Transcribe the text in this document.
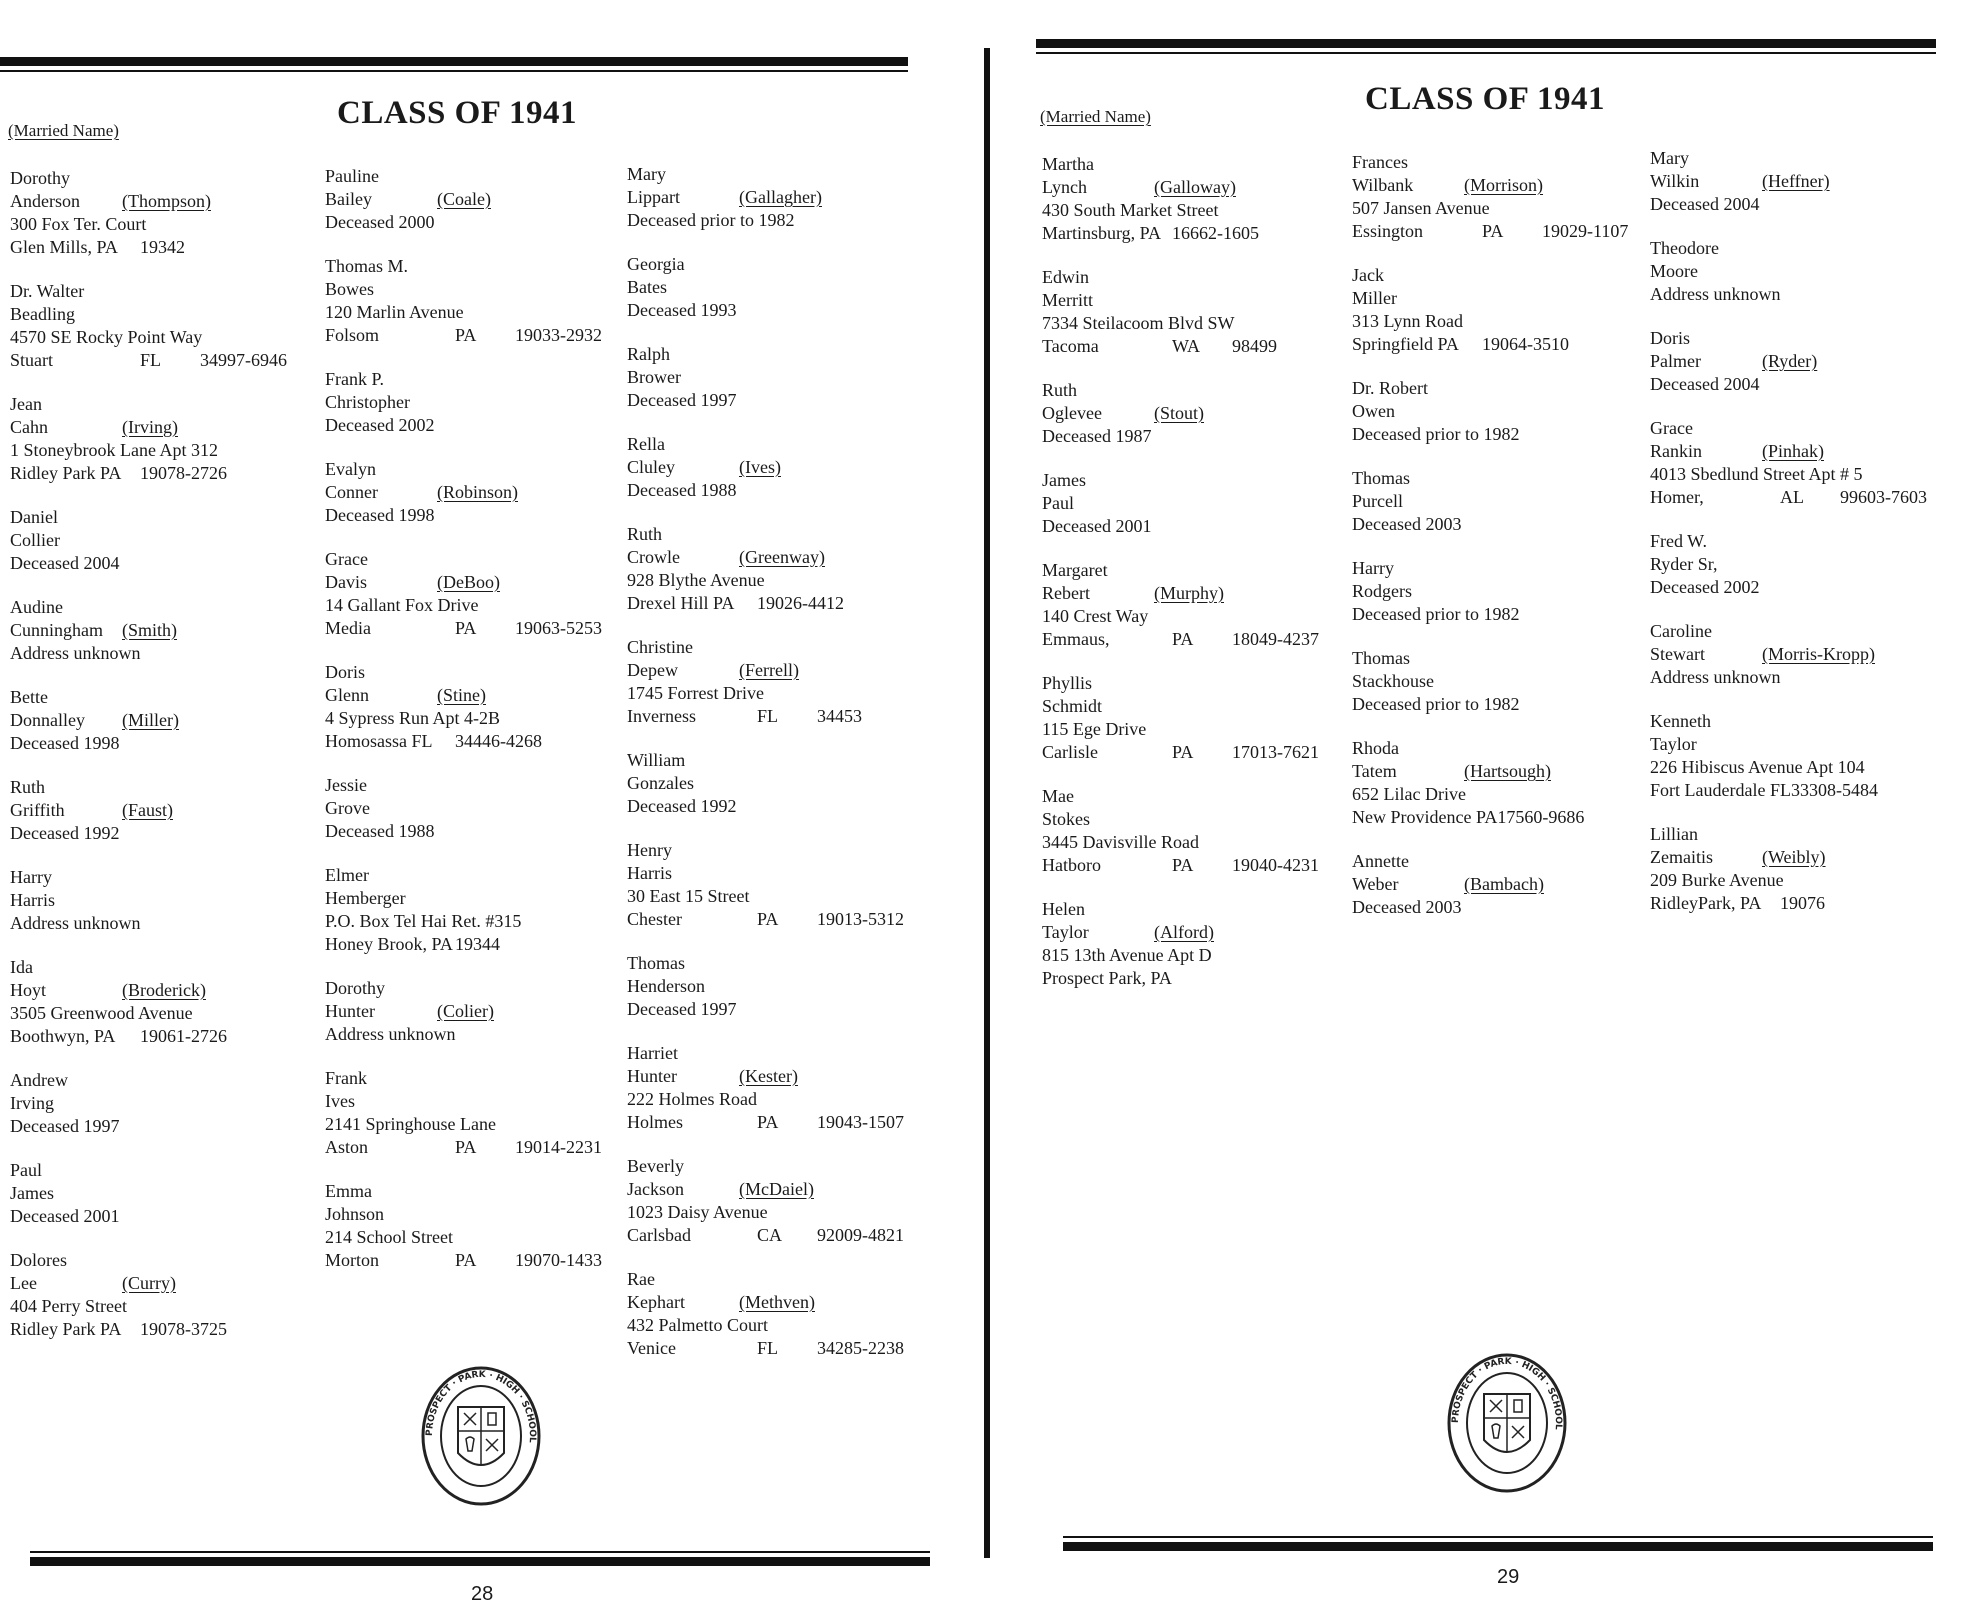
CLASS OF 1941
(Married Name)
Dorothy
Anderson (Thompson)
300 Fox Ter. Court
Glen Mills, PA 19342
Dr. Walter
Beadling
4570 SE Rocky Point Way
Stuart	FL 34997-6946
Jean
Cahn	(Irving)
1 Stoneybrook Lane Apt 312
Ridley Park PA 19078-2726
Daniel
Collier
Deceased 2004
Audine
Cunningham (Smith)
Address unknown
Bette
Donnalley (Miller)
Deceased 1998
Ruth
Griffith	(Faust)
Deceased 1992
Harry
Harris
Address unknown
Ida
Hoyt	(Broderick)
3505 Greenwood Avenue
Boothwyn, PA 19061-2726
Andrew
Irving
Deceased 1997
Paul
James
Deceased 2001
Dolores
Lee	(Curry)
404 Perry Street
Ridley Park PA 19078-3725
Pauline
Bailey	(Coale)
Deceased 2000
Thomas M.
Bowes
120 Marlin Avenue
Folsom	PA 19033-2932
Frank P.
Christopher
Deceased 2002
Evalyn
Conner	(Robinson)
Deceased 1998
Grace
Davis	(DeBoo)
14 Gallant Fox Drive
Media	PA 19063-5253
Doris
Glenn	(Stine)
4 Sypress Run Apt 4-2B
Homosassa FL 34446-4268
Jessie
Grove
Deceased 1988
Elmer
Hemberger
P.O. Box Tel Hai Ret. #315
Honey Brook, PA 19344
Dorothy
Hunter	(Colier)
Address unknown
Frank
Ives
2141 Springhouse Lane
Aston	PA 19014-2231
Emma
Johnson
214 School Street
Morton	PA 19070-1433
Mary
Lippart	(Gallagher)
Deceased prior to 1982
Georgia
Bates
Deceased 1993
Ralph
Brower
Deceased 1997
Rella
Cluley	(Ives)
Deceased 1988
Ruth
Crowle	(Greenway)
928 Blythe Avenue
Drexel Hill PA 19026-4412
Christine
Depew	(Ferrell)
1745 Forrest Drive
Inverness	FL 34453
William
Gonzales
Deceased 1992
Henry
Harris
30 East 15 Street
Chester	PA 19013-5312
Thomas
Henderson
Deceased 1997
Harriet
Hunter	(Kester)
222 Holmes Road
Holmes	PA 19043-1507
Beverly
Jackson	(McDaiel)
1023 Daisy Avenue
Carlsbad	CA 92009-4821
Rae
Kephart	(Methven)
432 Palmetto Court
Venice	FL 34285-2238
28
CLASS OF 1941
(Married Name)
Martha
Lynch	(Galloway)
430 South Market Street
Martinsburg, PA 16662-1605
Edwin
Merritt
7334 Steilacoom Blvd SW
Tacoma	WA 98499
Ruth
Oglevee	(Stout)
Deceased 1987
James
Paul
Deceased 2001
Margaret
Rebert	(Murphy)
140 Crest Way
Emmaus,	PA 18049-4237
Phyllis
Schmidt
115 Ege Drive
Carlisle	PA 17013-7621
Mae
Stokes
3445 Davisville Road
Hatboro	PA 19040-4231
Helen
Taylor	(Alford)
815 13th Avenue Apt D
Prospect Park, PA
Frances
Wilbank	(Morrison)
507 Jansen Avenue
Essington	PA 19029-1107
Jack
Miller
313 Lynn Road
Springfield PA 19064-3510
Dr. Robert
Owen
Deceased prior to 1982
Thomas
Purcell
Deceased 2003
Harry
Rodgers
Deceased prior to 1982
Thomas
Stackhouse
Deceased prior to 1982
Rhoda
Tatem	(Hartsough)
652 Lilac Drive
New Providence PA17560-9686
Annette
Weber	(Bambach)
Deceased 2003
Mary
Wilkin	(Heffner)
Deceased 2004
Theodore
Moore
Address unknown
Doris
Palmer	(Ryder)
Deceased 2004
Grace
Rankin	(Pinhak)
4013 Sbedlund Street Apt # 5
Homer,	AL 99603-7603
Fred W.
Ryder Sr,
Deceased 2002
Caroline
Stewart	(Morris-Kropp)
Address unknown
Kenneth
Taylor
226 Hibiscus Avenue Apt 104
Fort Lauderdale FL33308-5484
Lillian
Zemaitis	(Weibly)
209 Burke Avenue
RidleyPark, PA 19076
29
PROSPECT · PARK · HIGH · SCHOOL
PROSPECT · PARK · HIGH · SCHOOL
